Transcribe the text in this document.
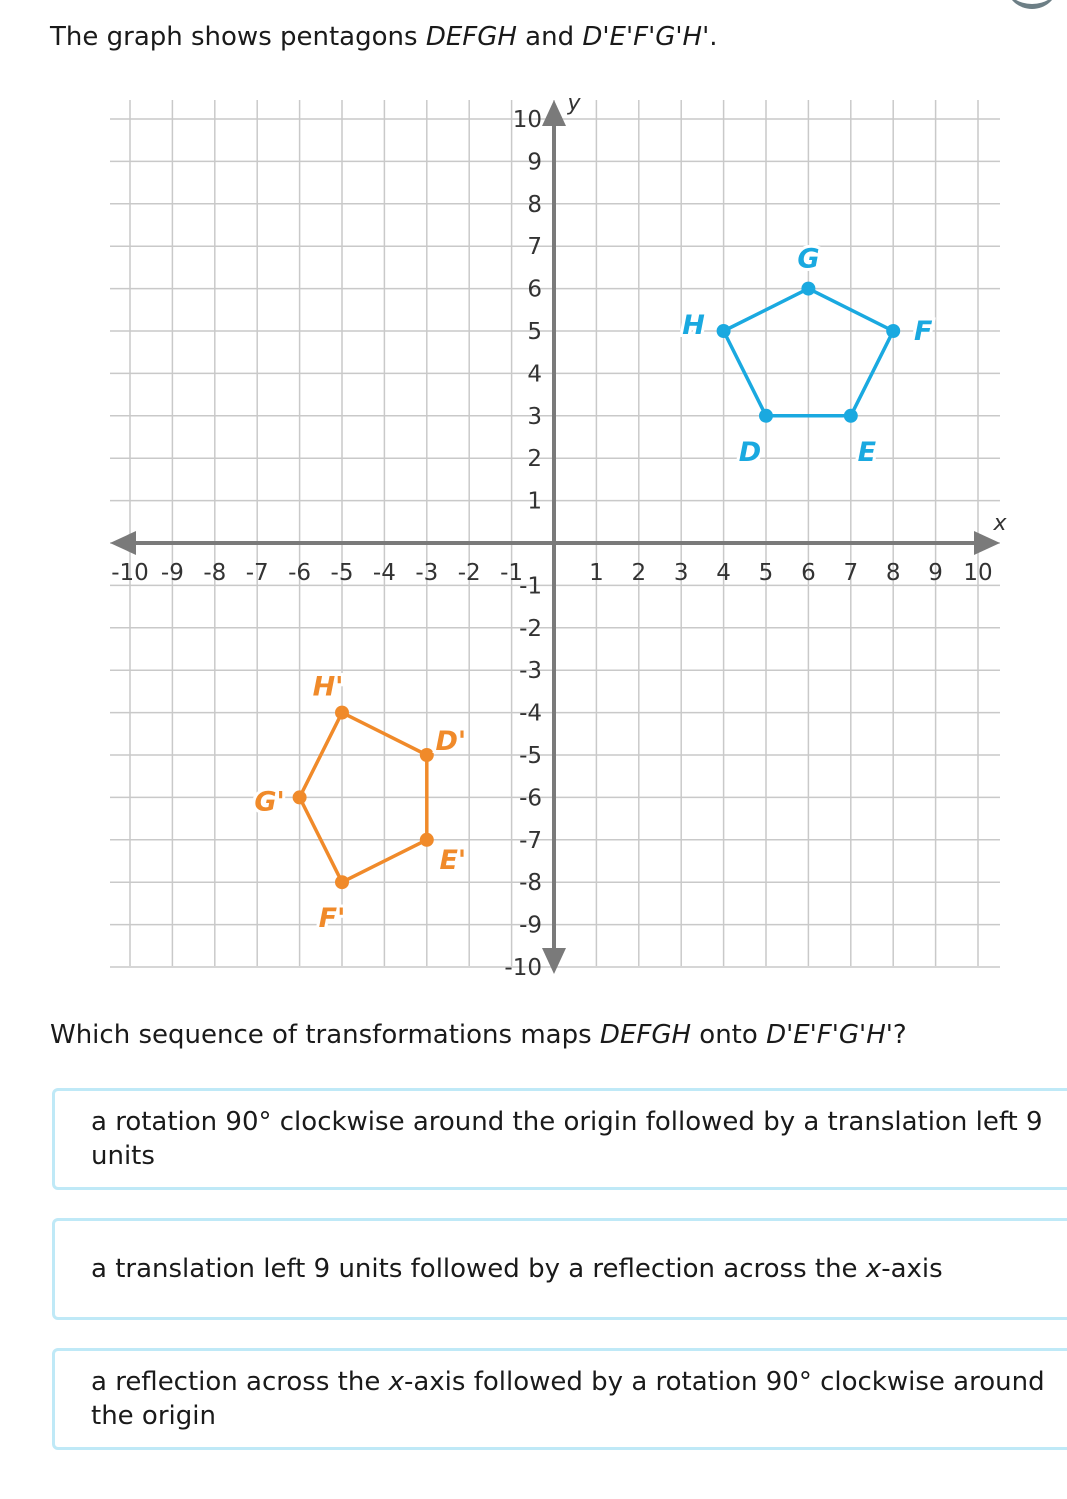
The graph shows pentagons DEFGH and D'E'F'G'H'.

x
y
-10 -9 -8 -7 -6 -5 -4 -3 -2 -1	1 2 3 4 5 6 7 8 9 10
-10
-9
-8
-7
-6
-5
-4
-3
-2
-1
1
2
3
4
5
6
7
8
9
10
D	E
F
G
H
D'
E'
F'
G'
H'

Which sequence of transformations maps DEFGH onto D'E'F'G'H'?

a rotation 90° clockwise around the origin followed by a translation left 9 units
a translation left 9 units followed by a reflection across the x-axis
a reflection across the x-axis followed by a rotation 90° clockwise around the origin
